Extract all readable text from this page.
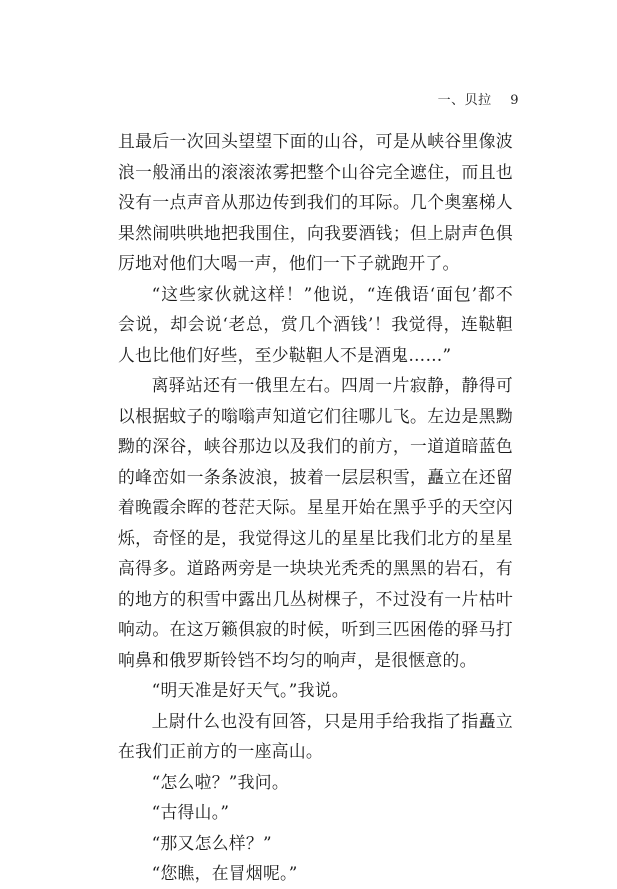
一、贝拉 9

且最后一次回头望望下面的山谷，可是从峡谷里像波浪一般涌出的滚滚浓雾把整个山谷完全遮住，而且也没有一点声音从那边传到我们的耳际。几个奥塞梯人果然闹哄哄地把我围住，向我要酒钱；但上尉声色俱厉地对他们大喝一声，他们一下子就跑开了。

“这些家伙就这样！”他说，“连俄语‘面包’都不会说，却会说‘老总，赏几个酒钱’！我觉得，连鞑靼人也比他们好些，至少鞑靼人不是酒鬼……”

离驿站还有一俄里左右。四周一片寂静，静得可以根据蚊子的嗡嗡声知道它们往哪儿飞。左边是黑黝黝的深谷，峡谷那边以及我们的前方，一道道暗蓝色的峰峦如一条条波浪，披着一层层积雪，矗立在还留着晚霞余晖的苍茫天际。星星开始在黑乎乎的天空闪烁，奇怪的是，我觉得这儿的星星比我们北方的星星高得多。道路两旁是一块块光秃秃的黑黑的岩石，有的地方的积雪中露出几丛树棵子，不过没有一片枯叶响动。在这万籁俱寂的时候，听到三匹困倦的驿马打响鼻和俄罗斯铃铛不均匀的响声，是很惬意的。

“明天准是好天气。”我说。

上尉什么也没有回答，只是用手给我指了指矗立在我们正前方的一座高山。

“怎么啦？”我问。

“古得山。”

“那又怎么样？”

“您瞧，在冒烟呢。”
